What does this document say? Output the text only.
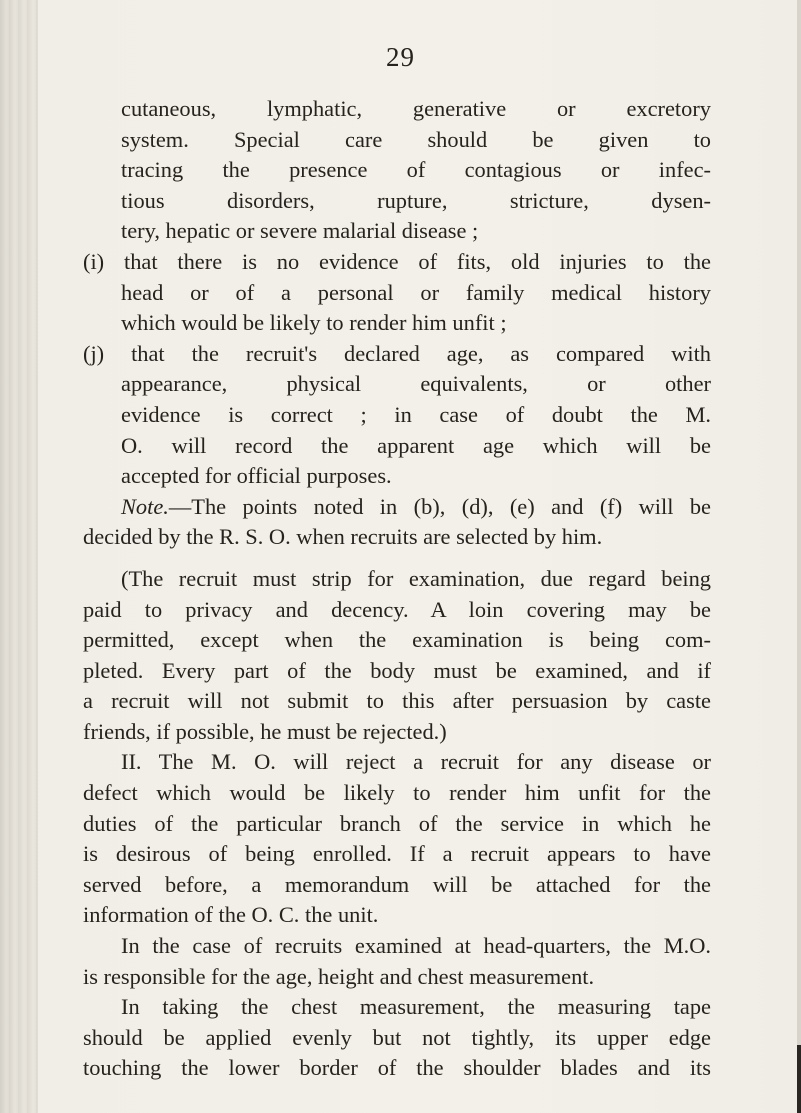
29

cutaneous, lymphatic, generative or excretory

system. Special care should be given to

tracing the presence of contagious or infec-

tious disorders, rupture, stricture, dysen-

tery, hepatic or severe malarial disease ;

(i) that there is no evidence of fits, old injuries to the

head or of a personal or family medical history

which would be likely to render him unfit ;

(j) that the recruit's declared age, as compared with

appearance, physical equivalents, or other

evidence is correct ; in case of doubt the M.

O. will record the apparent age which will be

accepted for official purposes.

Note.—The points noted in (b), (d), (e) and (f) will be

decided by the R. S. O. when recruits are selected by him.

(The recruit must strip for examination, due regard being

paid to privacy and decency. A loin covering may be

permitted, except when the examination is being com-

pleted. Every part of the body must be examined, and if

a recruit will not submit to this after persuasion by caste

friends, if possible, he must be rejected.)

II. The M. O. will reject a recruit for any disease or

defect which would be likely to render him unfit for the

duties of the particular branch of the service in which he

is desirous of being enrolled. If a recruit appears to have

served before, a memorandum will be attached for the

information of the O. C. the unit.

In the case of recruits examined at head-quarters, the M.O.

is responsible for the age, height and chest measurement.

In taking the chest measurement, the measuring tape

should be applied evenly but not tightly, its upper edge

touching the lower border of the shoulder blades and its
